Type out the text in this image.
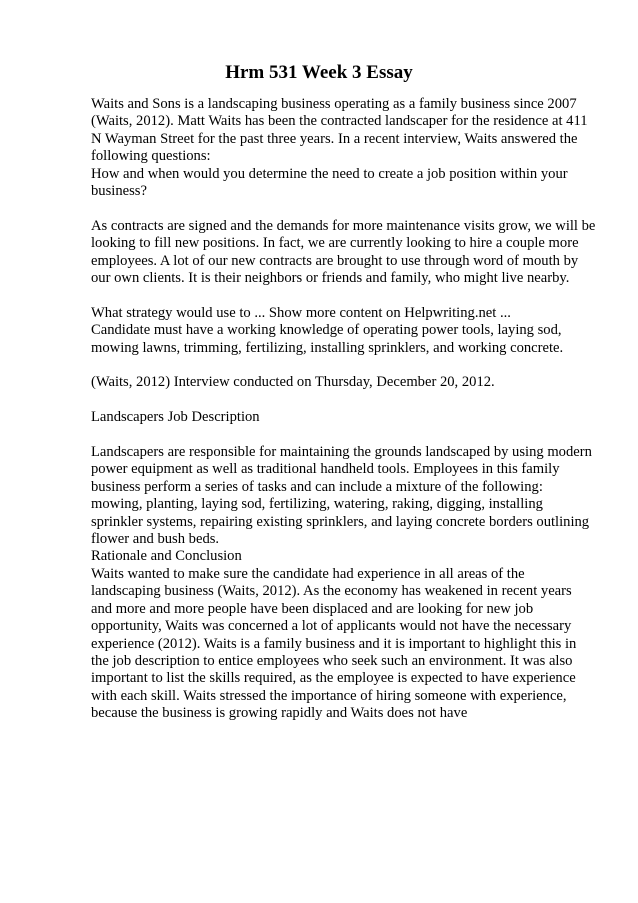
Hrm 531 Week 3 Essay

Waits and Sons is a landscaping business operating as a family business since 2007 (Waits, 2012). Matt Waits has been the contracted landscaper for the residence at 411 N Wayman Street for the past three years. In a recent interview, Waits answered the following questions:

How and when would you determine the need to create a job position within your business?

As contracts are signed and the demands for more maintenance visits grow, we will be looking to fill new positions. In fact, we are currently looking to hire a couple more employees. A lot of our new contracts are brought to use through word of mouth by our own clients. It is their neighbors or friends and family, who might live nearby.

What strategy would use to ... Show more content on Helpwriting.net ...

Candidate must have a working knowledge of operating power tools, laying sod, mowing lawns, trimming, fertilizing, installing sprinklers, and working concrete.

(Waits, 2012) Interview conducted on Thursday, December 20, 2012.

Landscapers Job Description

Landscapers are responsible for maintaining the grounds landscaped by using modern power equipment as well as traditional handheld tools. Employees in this family business perform a series of tasks and can include a mixture of the following: mowing, planting, laying sod, fertilizing, watering, raking, digging, installing sprinkler systems, repairing existing sprinklers, and laying concrete borders outlining flower and bush beds.

Rationale and Conclusion

Waits wanted to make sure the candidate had experience in all areas of the landscaping business (Waits, 2012). As the economy has weakened in recent years and more and more people have been displaced and are looking for new job opportunity, Waits was concerned a lot of applicants would not have the necessary experience (2012). Waits is a family business and it is important to highlight this in the job description to entice employees who seek such an environment. It was also important to list the skills required, as the employee is expected to have experience with each skill. Waits stressed the importance of hiring someone with experience, because the business is growing rapidly and Waits does not have
